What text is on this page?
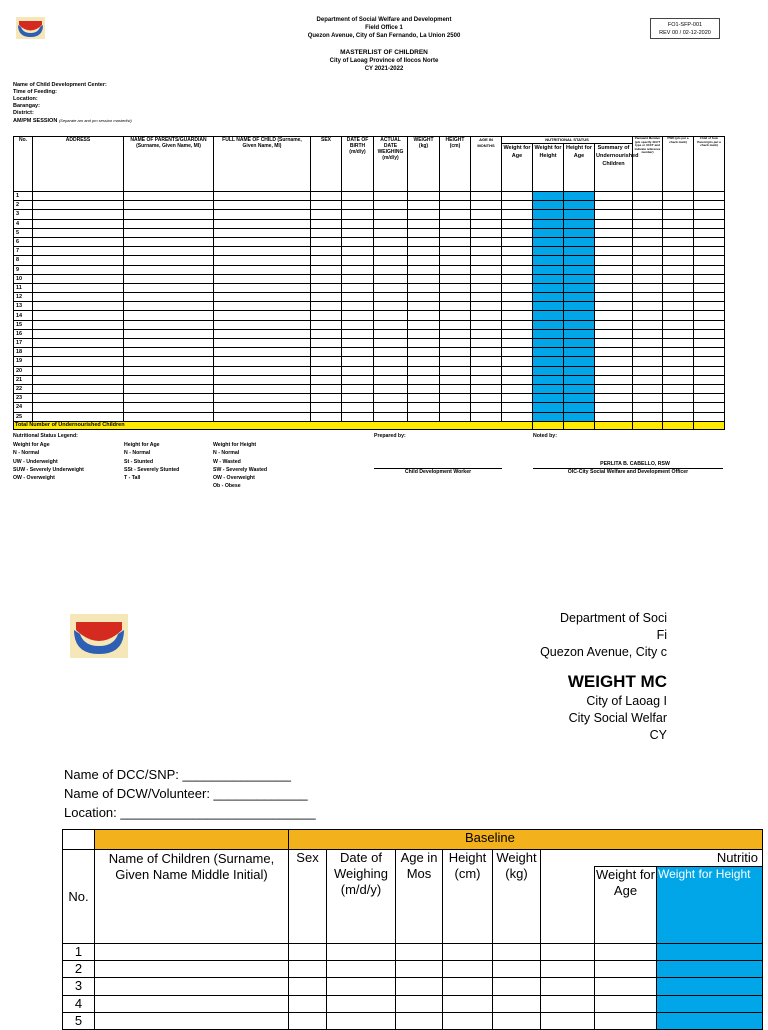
Department of Social Welfare and Development
Field Office 1
Quezon Avenue, City of San Fernando, La Union 2500
MASTERLIST OF CHILDREN
City of Laoag Province of Ilocos Norte
CY 2021-2022
FO1-SFP-001
REV 00 / 02-12-2020
Name of Child Development Center:
Time of Feeding:
Location:
Barangay:
District:
AM/PM SESSION (Separate am and pm session masterlist)
No.	ADDRESS	NAME OF PARENTS/GUARDIAN (Surname, Given Name, MI)	FULL NAME OF CHILD (Surname, Given Name, MI)	SEX	DATE OF BIRTH (m/d/y)	ACTUAL DATE WEIGHING (m/d/y)	WEIGHT (kg)	HEIGHT (cm)	AGE IN MONTHS	NUTRITIONAL STATUS				Pantawid Member (pls specify 4CCT type or 4CCT and indicate reference number)	PWD (pls put a check mark)	Child of Solo Parent (pls put a check mark)
										Weight for Age	Weight for Height	Height for Age	Summary of Undernourished Children			
1																
2																
3																
4																
5																
6																
7																
8																
9																
10																
11																
12																
13																
14																
15																
16																
17																
18																
19																
20																
21																
22																
23																
24																
25																
Total Number of Undernourished Children																
Nutritional Status Legend:
Weight for Age
N - Normal
UW - Underweight
SUW - Severely Underweight
OW - Overweight
Height for Age
N - Normal
St - Stunted
SSt - Severely Stunted
T - Tall
Weight for Height
N - Normal
W - Wasted
SW - Severely Wasted
OW - Overweight
Ob - Obese
Prepared by:	Noted by:
PERLITA B. CABELLO, RSW
Child Development Worker	OIC-City Social Welfare and Development Officer
Department of Soci
Fi
Quezon Avenue, City c
WEIGHT MC
City of Laoag I
City Social Welfar
CY
Name of DCC/SNP: _______________
Name of DCW/Volunteer: _____________
Location: ___________________________
		Baseline							
No.	Name of Children (Surname, Given Name Middle Initial)	Sex	Date of Weighing (m/d/y)	Age in Mos	Height (cm)	Weight (kg)	Nutritio		
								Weight for Age	Weight for Height
1									
2									
3									
4									
5									
